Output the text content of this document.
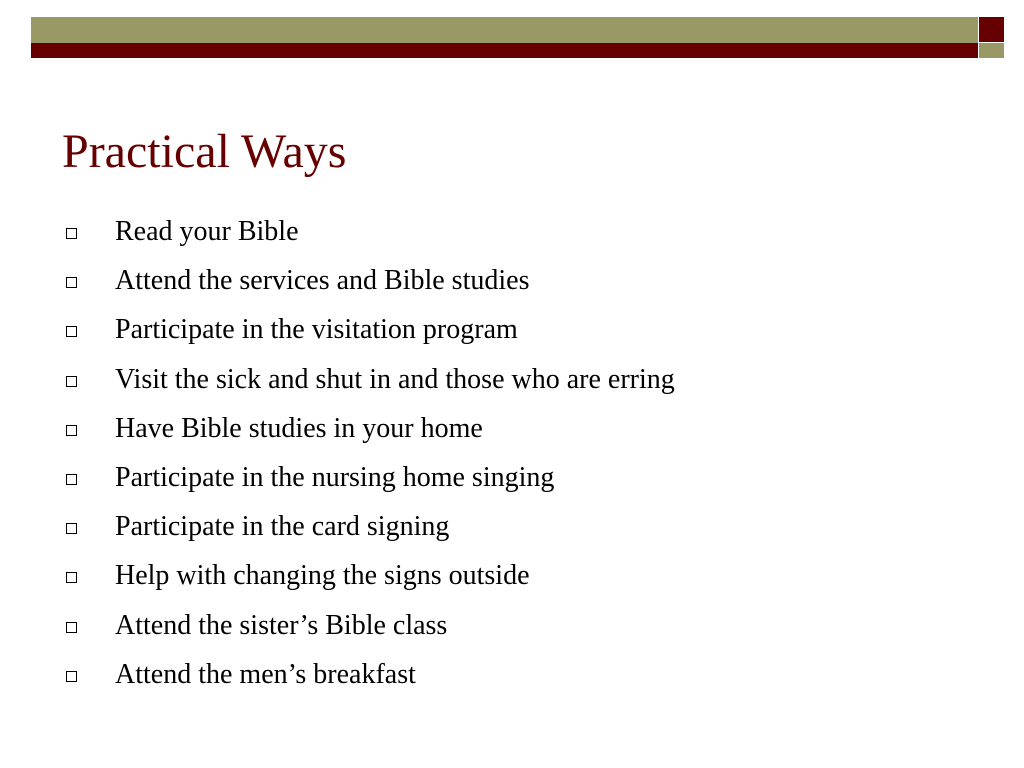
Practical Ways
Read your Bible
Attend the services and Bible studies
Participate in the visitation program
Visit the sick and shut in and those who are erring
Have Bible studies in your home
Participate in the nursing home singing
Participate in the card signing
Help with changing the signs outside
Attend the sister’s Bible class
Attend the men’s breakfast
